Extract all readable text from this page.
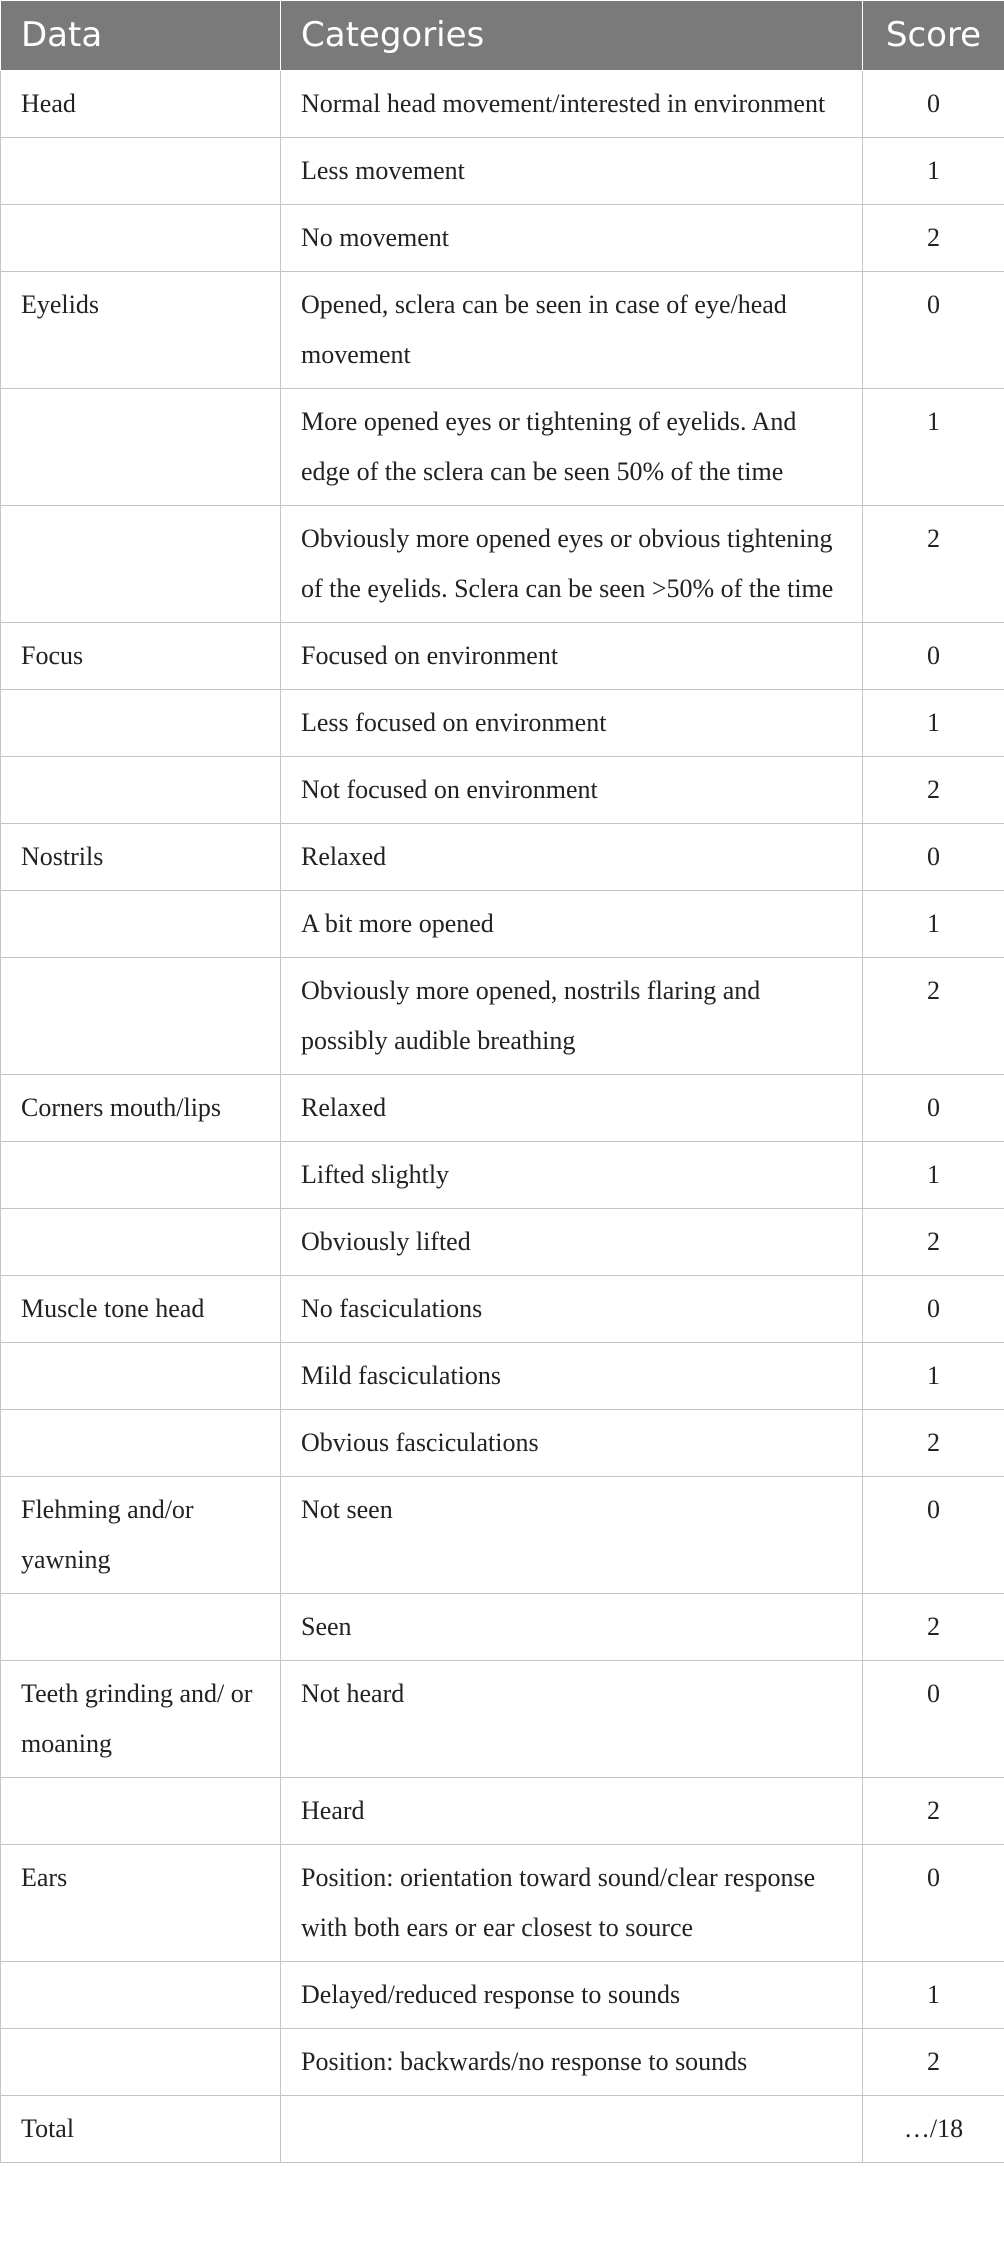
Data	Categories	Score
Head	Normal head movement/interested in environment	0
	Less movement	1
	No movement	2
Eyelids	Opened, sclera can be seen in case of eye/head movement	0
	More opened eyes or tightening of eyelids. And edge of the sclera can be seen 50% of the time	1
	Obviously more opened eyes or obvious tightening of the eyelids. Sclera can be seen >50% of the time	2
Focus	Focused on environment	0
	Less focused on environment	1
	Not focused on environment	2
Nostrils	Relaxed	0
	A bit more opened	1
	Obviously more opened, nostrils flaring and possibly audible breathing	2
Corners mouth/lips	Relaxed	0
	Lifted slightly	1
	Obviously lifted	2
Muscle tone head	No fasciculations	0
	Mild fasciculations	1
	Obvious fasciculations	2
Flehming and/or yawning	Not seen	0
	Seen	2
Teeth grinding and/ or moaning	Not heard	0
	Heard	2
Ears	Position: orientation toward sound/clear response with both ears or ear closest to source	0
	Delayed/reduced response to sounds	1
	Position: backwards/no response to sounds	2
Total		…/18
